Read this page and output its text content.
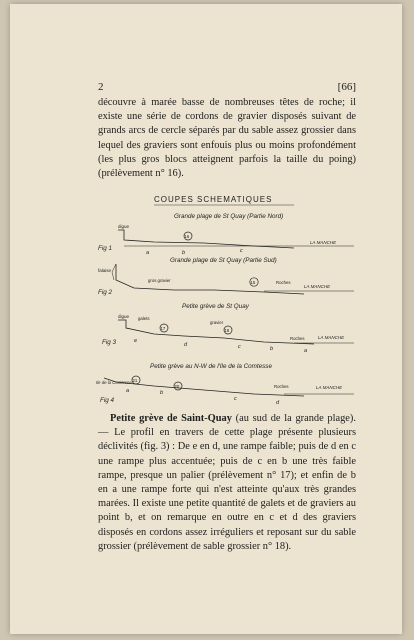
2	[66]

découvre à marée basse de nombreuses têtes de roche; il existe une série de cordons de gravier disposés suivant de grands arcs de cercle séparés par du sable assez grossier dans lequel des graviers sont enfouis plus ou moins profondément (les plus gros blocs atteignent parfois la taille du poing) (prélèvement n° 16).

COUPES SCHÉMATIQUES
Grande plage de St Quay (Partie Nord)
digue
16
a	b	c
LA MANCHE
Fig 1
Grande plage de St Quay (Partie Sud)
falaise
gros gravier	15	Roches
LA MANCHE
Fig 2
Petite grève de St Quay
digue galets
17
gravier
18
Roches	LA MANCHE
e
d	c	b	a
Fig 3
Petite grève au N-W de l'Ile de la Comtesse
Ile de la Comtesse 21
20	Roches	LA MANCHE
a	b
c
d
Fig 4

Petite grève de Saint-Quay (au sud de la grande plage). — Le profil en travers de cette plage présente plusieurs déclivités (fig. 3) : De e en d, une rampe faible; puis de d en c une rampe plus accentuée; puis de c en b une très faible rampe, presque un palier (prélèvement n° 17); et enfin de b en a une rampe forte qui n'est atteinte qu'aux très grandes marées. Il existe une petite quantité de galets et de graviers au point b, et on remarque en outre en c et d des graviers disposés en cordons assez irréguliers et reposant sur du sable grossier (prélèvement de sable grossier n° 18).
